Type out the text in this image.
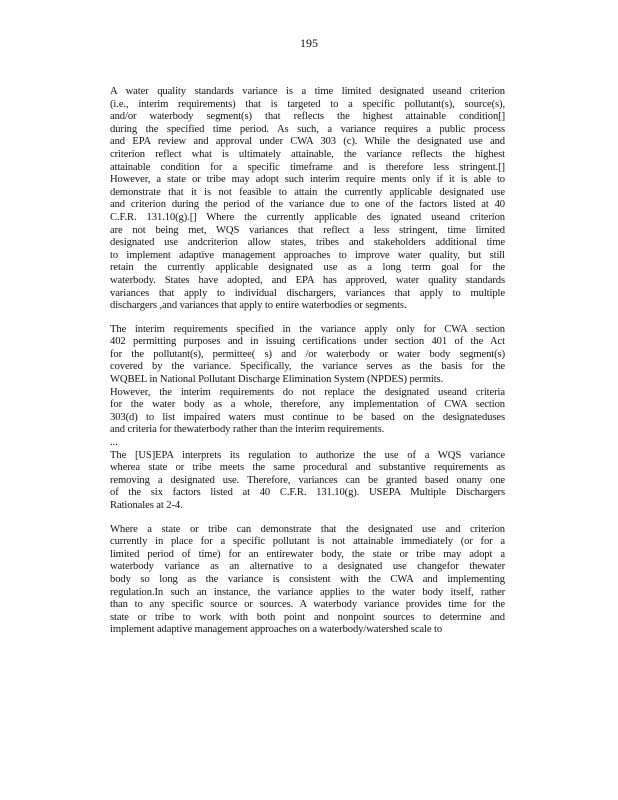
195
A water quality standards variance is a time limited designated useand criterion
(i.e., interim requirements) that is targeted to a specific pollutant(s), source(s),
and/or waterbody segment(s) that reflects the highest attainable condition[]
during the specified time period. As such, a variance requires a public process
and EPA review and approval under CWA 303 (c). While the designated use and
criterion reflect what is ultimately attainable, the variance reflects the highest
attainable condition for a specific timeframe and is therefore less stringent.[]
However, a state or tribe may adopt such interim require ments only if it is able to
demonstrate that it is not feasible to attain the currently applicable designated use
and criterion during the period of the variance due to one of the factors listed at 40
C.F.R. 131.10(g).[] Where the currently applicable des ignated useand criterion
are not being met, WQS variances that reflect a less stringent, time limited
designated use andcriterion allow states, tribes and stakeholders additional time
to implement adaptive management approaches to improve water quality, but still
retain the currently applicable designated use as a long term goal for the
waterbody. States have adopted, and EPA has approved, water quality standards
variances that apply to individual dischargers, variances that apply to multiple
dischargers ,and variances that apply to entire waterbodies or segments.
The interim requirements specified in the variance apply only for CWA section
402 permitting purposes and in issuing certifications under section 401 of the Act
for the pollutant(s), permittee( s) and /or waterbody or water body segment(s)
covered by the variance. Specifically, the variance serves as the basis for the
WQBEL in National Pollutant Discharge Elimination System (NPDES) permits.
However, the interim requirements do not replace the designated useand criteria
for the water body as a whole, therefore, any implementation of CWA section
303(d) to list impaired waters must continue to be based on the designateduses
and criteria for thewaterbody rather than the interim requirements.
...
The [US]EPA interprets its regulation to authorize the use of a WQS variance
wherea state or tribe meets the same procedural and substantive requirements as
removing a designated use. Therefore, variances can be granted based onany one
of the six factors listed at 40 C.F.R. 131.10(g). USEPA Multiple Dischargers
Rationales at 2-4.
Where a state or tribe can demonstrate that the designated use and criterion
currently in place for a specific pollutant is not attainable immediately (or for a
limited period of time) for an entirewater body, the state or tribe may adopt a
waterbody variance as an alternative to a designated use changefor thewater
body so long as the variance is consistent with the CWA and implementing
regulation.In such an instance, the variance applies to the water body itself, rather
than to any specific source or sources. A waterbody variance provides time for the
state or tribe to work with both point and nonpoint sources to determine and
implement adaptive management approaches on a waterbody/watershed scale to
